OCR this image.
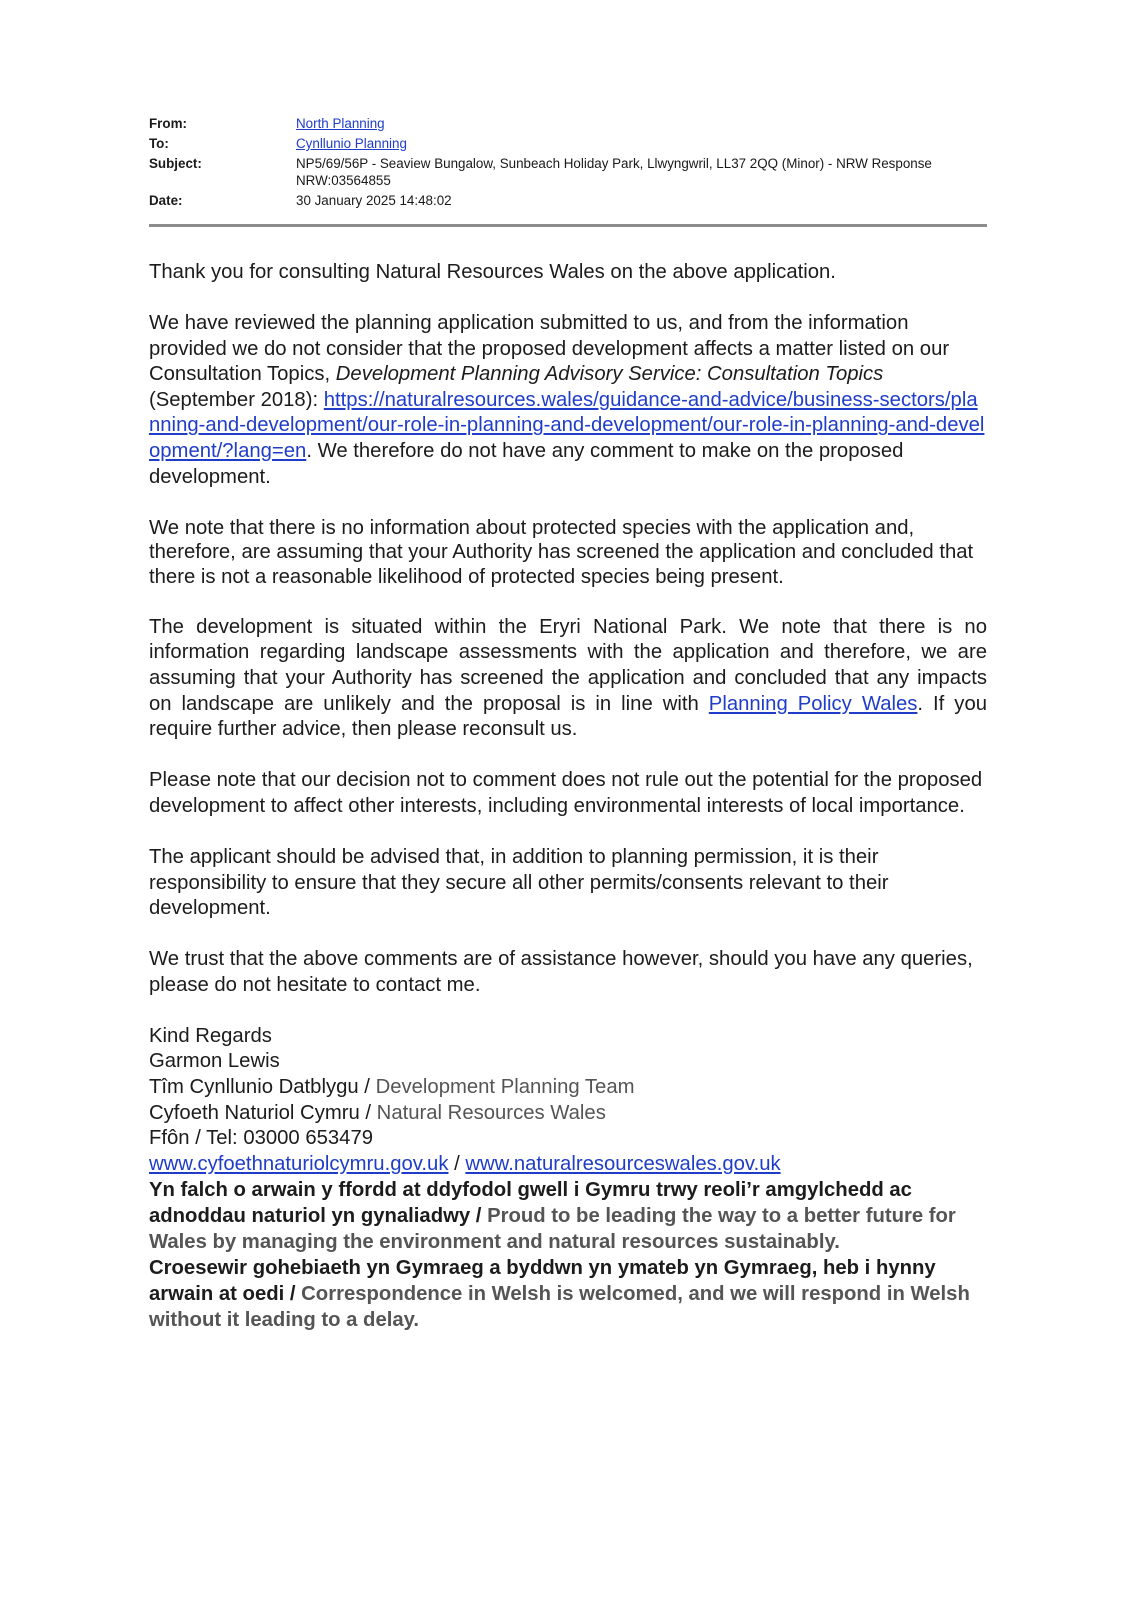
From:	North Planning
To:	Cynllunio Planning
Subject:	NP5/69/56P - Seaview Bungalow, Sunbeach Holiday Park, Llwyngwril, LL37 2QQ (Minor) - NRW Response
NRW:03564855
Date:	30 January 2025 14:48:02

Thank you for consulting Natural Resources Wales on the above application.

We have reviewed the planning application submitted to us, and from the information provided we do not consider that the proposed development affects a matter listed on our Consultation Topics, Development Planning Advisory Service: Consultation Topics (September 2018): https://naturalresources.wales/guidance-and-advice/business-sectors/planning-and-development/our-role-in-planning-and-development/our-role-in-planning-and-development/?lang=en. We therefore do not have any comment to make on the proposed development.

We note that there is no information about protected species with the application and, therefore, are assuming that your Authority has screened the application and concluded that there is not a reasonable likelihood of protected species being present.

The development is situated within the Eryri National Park. We note that there is no information regarding landscape assessments with the application and therefore, we are assuming that your Authority has screened the application and concluded that any impacts on landscape are unlikely and the proposal is in line with Planning Policy Wales. If you require further advice, then please reconsult us.

Please note that our decision not to comment does not rule out the potential for the proposed development to affect other interests, including environmental interests of local importance.

The applicant should be advised that, in addition to planning permission, it is their responsibility to ensure that they secure all other permits/consents relevant to their development.

We trust that the above comments are of assistance however, should you have any queries, please do not hesitate to contact me.

Kind Regards
Garmon Lewis
Tîm Cynllunio Datblygu / Development Planning Team
Cyfoeth Naturiol Cymru / Natural Resources Wales
Ffôn / Tel: 03000 653479
www.cyfoethnaturiolcymru.gov.uk / www.naturalresourceswales.gov.uk
Yn falch o arwain y ffordd at ddyfodol gwell i Gymru trwy reoli’r amgylchedd ac adnoddau naturiol yn gynaliadwy / Proud to be leading the way to a better future for Wales by managing the environment and natural resources sustainably.
Croesewir gohebiaeth yn Gymraeg a byddwn yn ymateb yn Gymraeg, heb i hynny arwain at oedi / Correspondence in Welsh is welcomed, and we will respond in Welsh without it leading to a delay.
